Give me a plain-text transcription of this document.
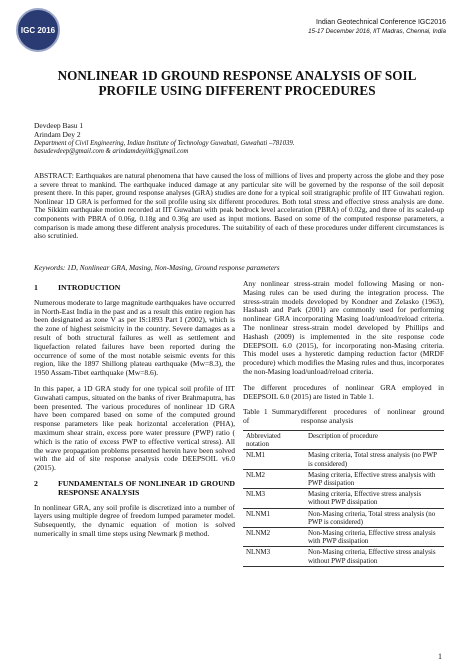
IGC 2016
Indian Geotechnical Conference IGC2016
15-17 December 2016, IIT Madras, Chennai, India
NONLINEAR 1D GROUND RESPONSE ANALYSIS OF SOIL PROFILE USING DIFFERENT PROCEDURES
Devdeep Basu 1
Arindam Dey 2
Department of Civil Engineering, Indian Institute of Technology Guwahati, Guwahati –781039.
basudevdeep@gmail.com & arindamdeyiitk@gmail.com
ABSTRACT: Earthquakes are natural phenomena that have caused the loss of millions of lives and property across the globe and they pose a severe threat to mankind. The earthquake induced damage at any particular site will be governed by the response of the soil deposit present there. In this paper, ground response analyses (GRA) studies are done for a typical soil stratigraphic profile of IIT Guwahati region. Nonlinear 1D GRA is performed for the soil profile using six different procedures. Both total stress and effective stress analysis are done. The Sikkim earthquake motion recorded at IIT Guwahati with peak bedrock level acceleration (PBRA) of 0.02g, and three of its scaled-up components with PBRA of 0.06g, 0.18g and 0.36g are used as input motions. Based on some of the computed response parameters, a comparison is made among these different analysis procedures. The suitability of each of these procedures under different circumstances is also scrutinied.
Keywords: 1D, Nonlinear GRA, Masing, Non-Masing, Ground response parameters
1	INTRODUCTION

Numerous moderate to large magnitude earthquakes have occurred in North-East India in the past and as a result this entire region has been designated as zone V as per IS:1893 Part I (2002), which is the zone of highest seismicity in the country. Severe damages as a result of both structural failures as well as settlement and liquefaction related failures have been reported during the occurrence of some of the most notable seismic events for this region, like the 1897 Shillong plateau earthquake (Mw=8.3), the 1950 Assam-Tibet earthquake (Mw=8.6).

In this paper, a 1D GRA study for one typical soil profile of IIT Guwahati campus, situated on the banks of river Brahmaputra, has been presented. The various procedures of nonlinear 1D GRA have been compared based on some of the computed ground response parameters like peak horizontal acceleration (PHA), maximum shear strain, excess pore water pressure (PWP) ratio ( which is the ratio of excess PWP to effective vertical stress). All the wave propagation problems presented herein have been solved with the aid of site response analysis code DEEPSOIL v6.0 (2015).

2	FUNDAMENTALS OF NONLINEAR 1D GROUND RESPONSE ANALYSIS

In nonlinear GRA, any soil profile is discretized into a number of layers using multiple degree of freedom lumped parameter model. Subsequently, the dynamic equation of motion is solved numerically in small time steps using Newmark β method.

Any nonlinear stress-strain model following Masing or non-Masing rules can be used during the integration process. The stress-strain models developed by Kondner and Zelasko (1963), Hashash and Park (2001) are commonly used for performing nonlinear GRA incorporating Masing load/unload/reload criteria. The nonlinear stress-strain model developed by Phillips and Hashash (2009) is implemented in the site response code DEEPSOIL 6.0 (2015), for incorporating non-Masing criteria. This model uses a hysteretic damping reduction factor (MRDF procedure) which modifies the Masing rules and thus, incorporates the non-Masing load/unload/reload criteria.

The different procedures of nonlinear GRA employed in DEEPSOIL 6.0 (2015) are listed in Table 1.

Table 1 Summary of
different procedures of nonlinear ground response analysis
Abbreviated notation	Description of procedure
NLM1	Masing criteria, Total stress analysis (no PWP is considered)
NLM2	Masing criteria, Effective stress analysis with PWP dissipation
NLM3	Masing criteria, Effective stress analysis without PWP dissipation
NLNM1	Non-Masing criteria, Total stress analysis (no PWP is considered)
NLNM2	Non-Masing criteria, Effective stress analysis with PWP dissipation
NLNM3	Non-Masing criteria, Effective stress analysis without PWP dissipation
1
